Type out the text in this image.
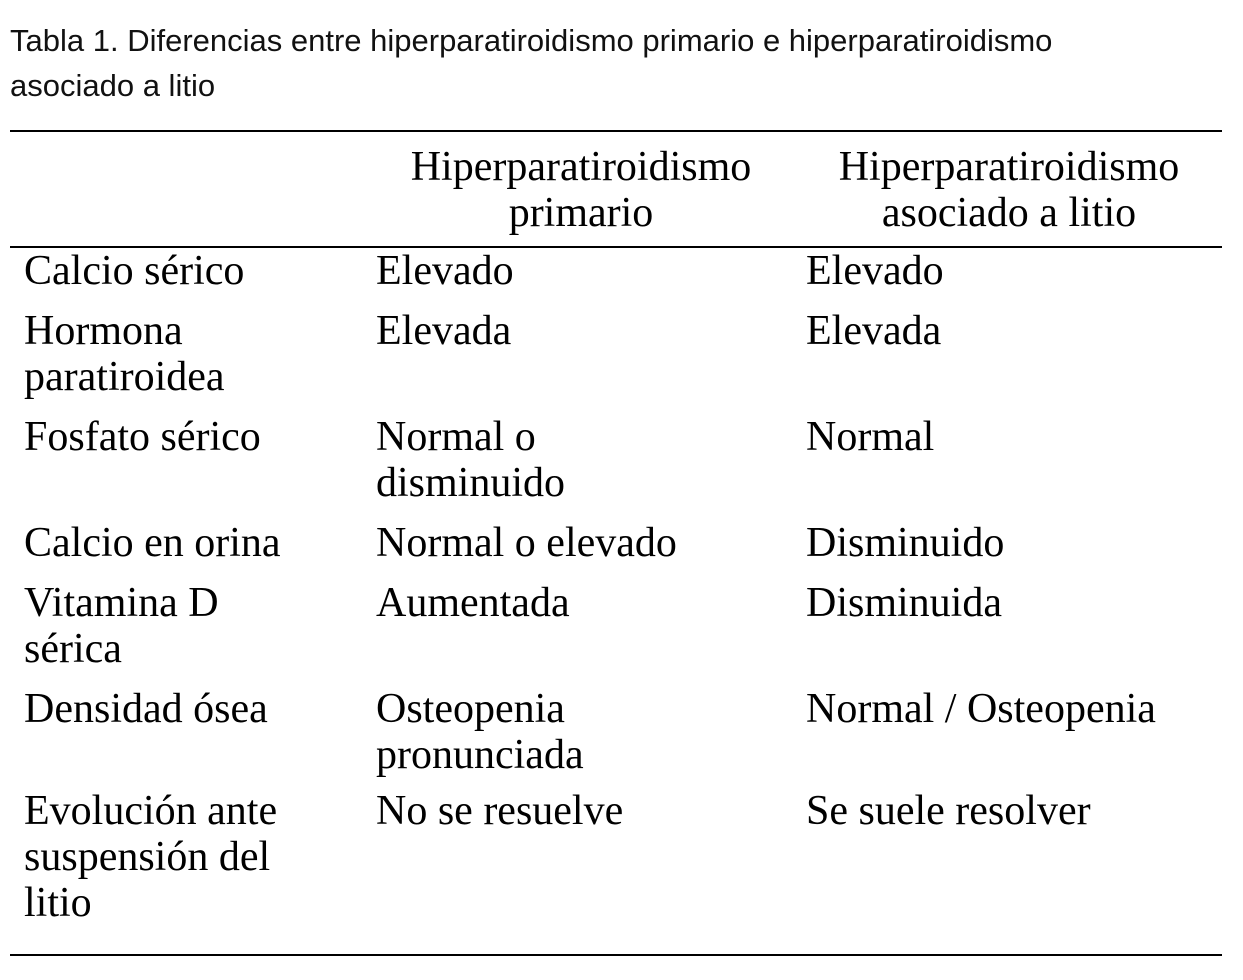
Tabla 1. Diferencias entre hiperparatiroidismo primario e hiperparatiroidismo
asociado a litio
	Hiperparatiroidismo primario	Hiperparatiroidismo asociado a litio
Calcio sérico	Elevado	Elevado
Hormona paratiroidea	Elevada	Elevada
Fosfato sérico	Normal o disminuido	Normal
Calcio en orina	Normal o elevado	Disminuido
Vitamina D sérica	Aumentada	Disminuida
Densidad ósea	Osteopenia pronunciada	Normal / Osteopenia
Evolución ante suspensión del litio	No se resuelve	Se suele resolver
